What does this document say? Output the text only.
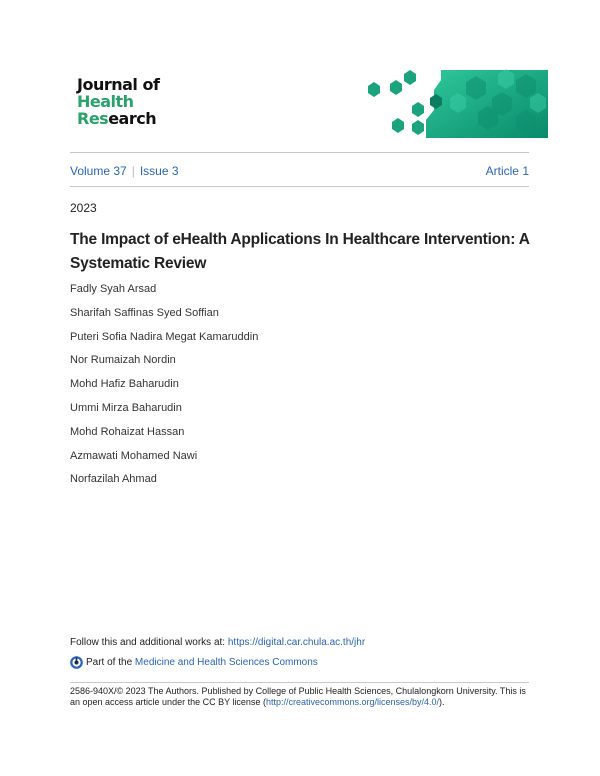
Journal of
Health
Research
Volume 37 | Issue 3	Article 1
2023
The Impact of eHealth Applications In Healthcare Intervention: A Systematic Review
Fadly Syah Arsad
Sharifah Saffinas Syed Soffian
Puteri Sofia Nadira Megat Kamaruddin
Nor Rumaizah Nordin
Mohd Hafiz Baharudin
Ummi Mirza Baharudin
Mohd Rohaizat Hassan
Azmawati Mohamed Nawi
Norfazilah Ahmad
Follow this and additional works at: https://digital.car.chula.ac.th/jhr
Part of the
Medicine and Health Sciences Commons
2586-940X/© 2023 The Authors. Published by College of Public Health Sciences, Chulalongkorn University. This is an open access article under the CC BY license (http://creativecommons.org/licenses/by/4.0/).
